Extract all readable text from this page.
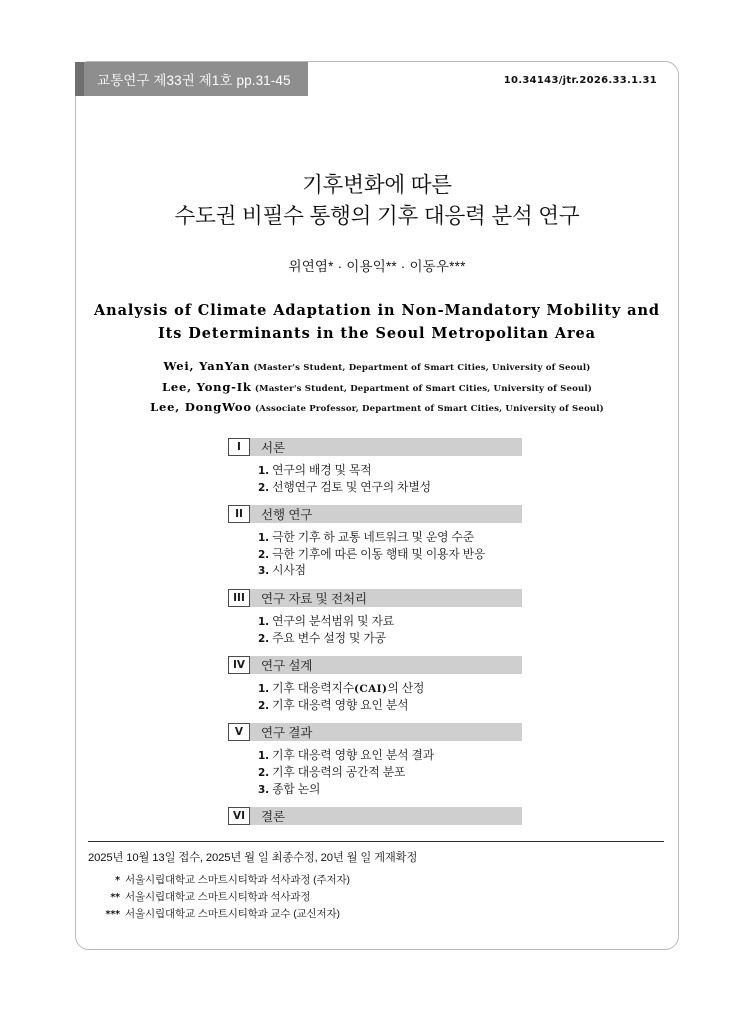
교통연구 제33권 제1호 pp.31-45	10.34143/jtr.2026.33.1.31
기후변화에 따른
수도권 비필수 통행의 기후 대응력 분석 연구
위연염* · 이용익** · 이동우***
Analysis of Climate Adaptation in Non-Mandatory Mobility and
Its Determinants in the Seoul Metropolitan Area
Wei, YanYan (Master's Student, Department of Smart Cities, University of Seoul)
Lee, Yong-Ik (Master's Student, Department of Smart Cities, University of Seoul)
Lee, DongWoo (Associate Professor, Department of Smart Cities, University of Seoul)
I	서론
1. 연구의 배경 및 목적
2. 선행연구 검토 및 연구의 차별성
II	선행 연구
1. 극한 기후 하 교통 네트워크 및 운영 수준
2. 극한 기후에 따른 이동 행태 및 이용자 반응
3. 시사점
III	연구 자료 및 전처리
1. 연구의 분석범위 및 자료
2. 주요 변수 설정 및 가공
IV	연구 설계
1. 기후 대응력지수(CAI)의 산정
2. 기후 대응력 영향 요인 분석
V	연구 결과
1. 기후 대응력 영향 요인 분석 결과
2. 기후 대응력의 공간적 분포
3. 종합 논의
VI	결론
2025년 10월 13일 접수, 2025년 월 일 최종수정, 20년 월 일 게재확정
* 서울시립대학교 스마트시티학과 석사과정 (주저자)
** 서울시립대학교 스마트시티학과 석사과정
*** 서울시립대학교 스마트시티학과 교수 (교신저자)
